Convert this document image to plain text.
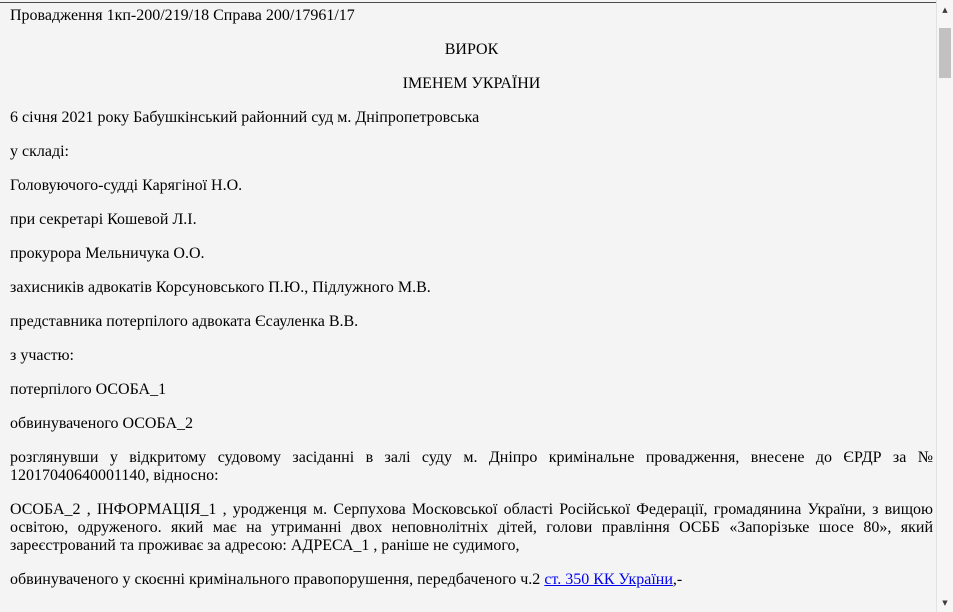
Провадження 1кп-200/219/18 Справа 200/17961/17

ВИРОК

ІМЕНЕМ УКРАЇНИ

6 січня 2021 року Бабушкінський районний суд м. Дніпропетровська

у складі:

Головуючого-судді Карягіної Н.О.

при секретарі Кошевой Л.І.

прокурора Мельничука О.О.

захисників адвокатів Корсуновського П.Ю., Підлужного М.В.

представника потерпілого адвоката Єсауленка В.В.

з участю:

потерпілого ОСОБА_1

обвинуваченого ОСОБА_2

розглянувши у відкритому судовому засіданні в залі суду м. Дніпро кримінальне провадження, внесене до ЄРДР за № 12017040640001140, відносно:

ОСОБА_2 , ІНФОРМАЦІЯ_1 , уродженця м. Серпухова Московської області Російської Федерації, громадянина України, з вищою освітою, одруженого. який має на утриманні двох неповнолітніх дітей, голови правління ОСББ «Запорізьке шосе 80», який зареєстрований та проживає за адресою: АДРЕСА_1 , раніше не судимого,

обвинуваченого у скоєнні кримінального правопорушення, передбаченого ч.2 ст. 350 КК України,-

▲
▼
